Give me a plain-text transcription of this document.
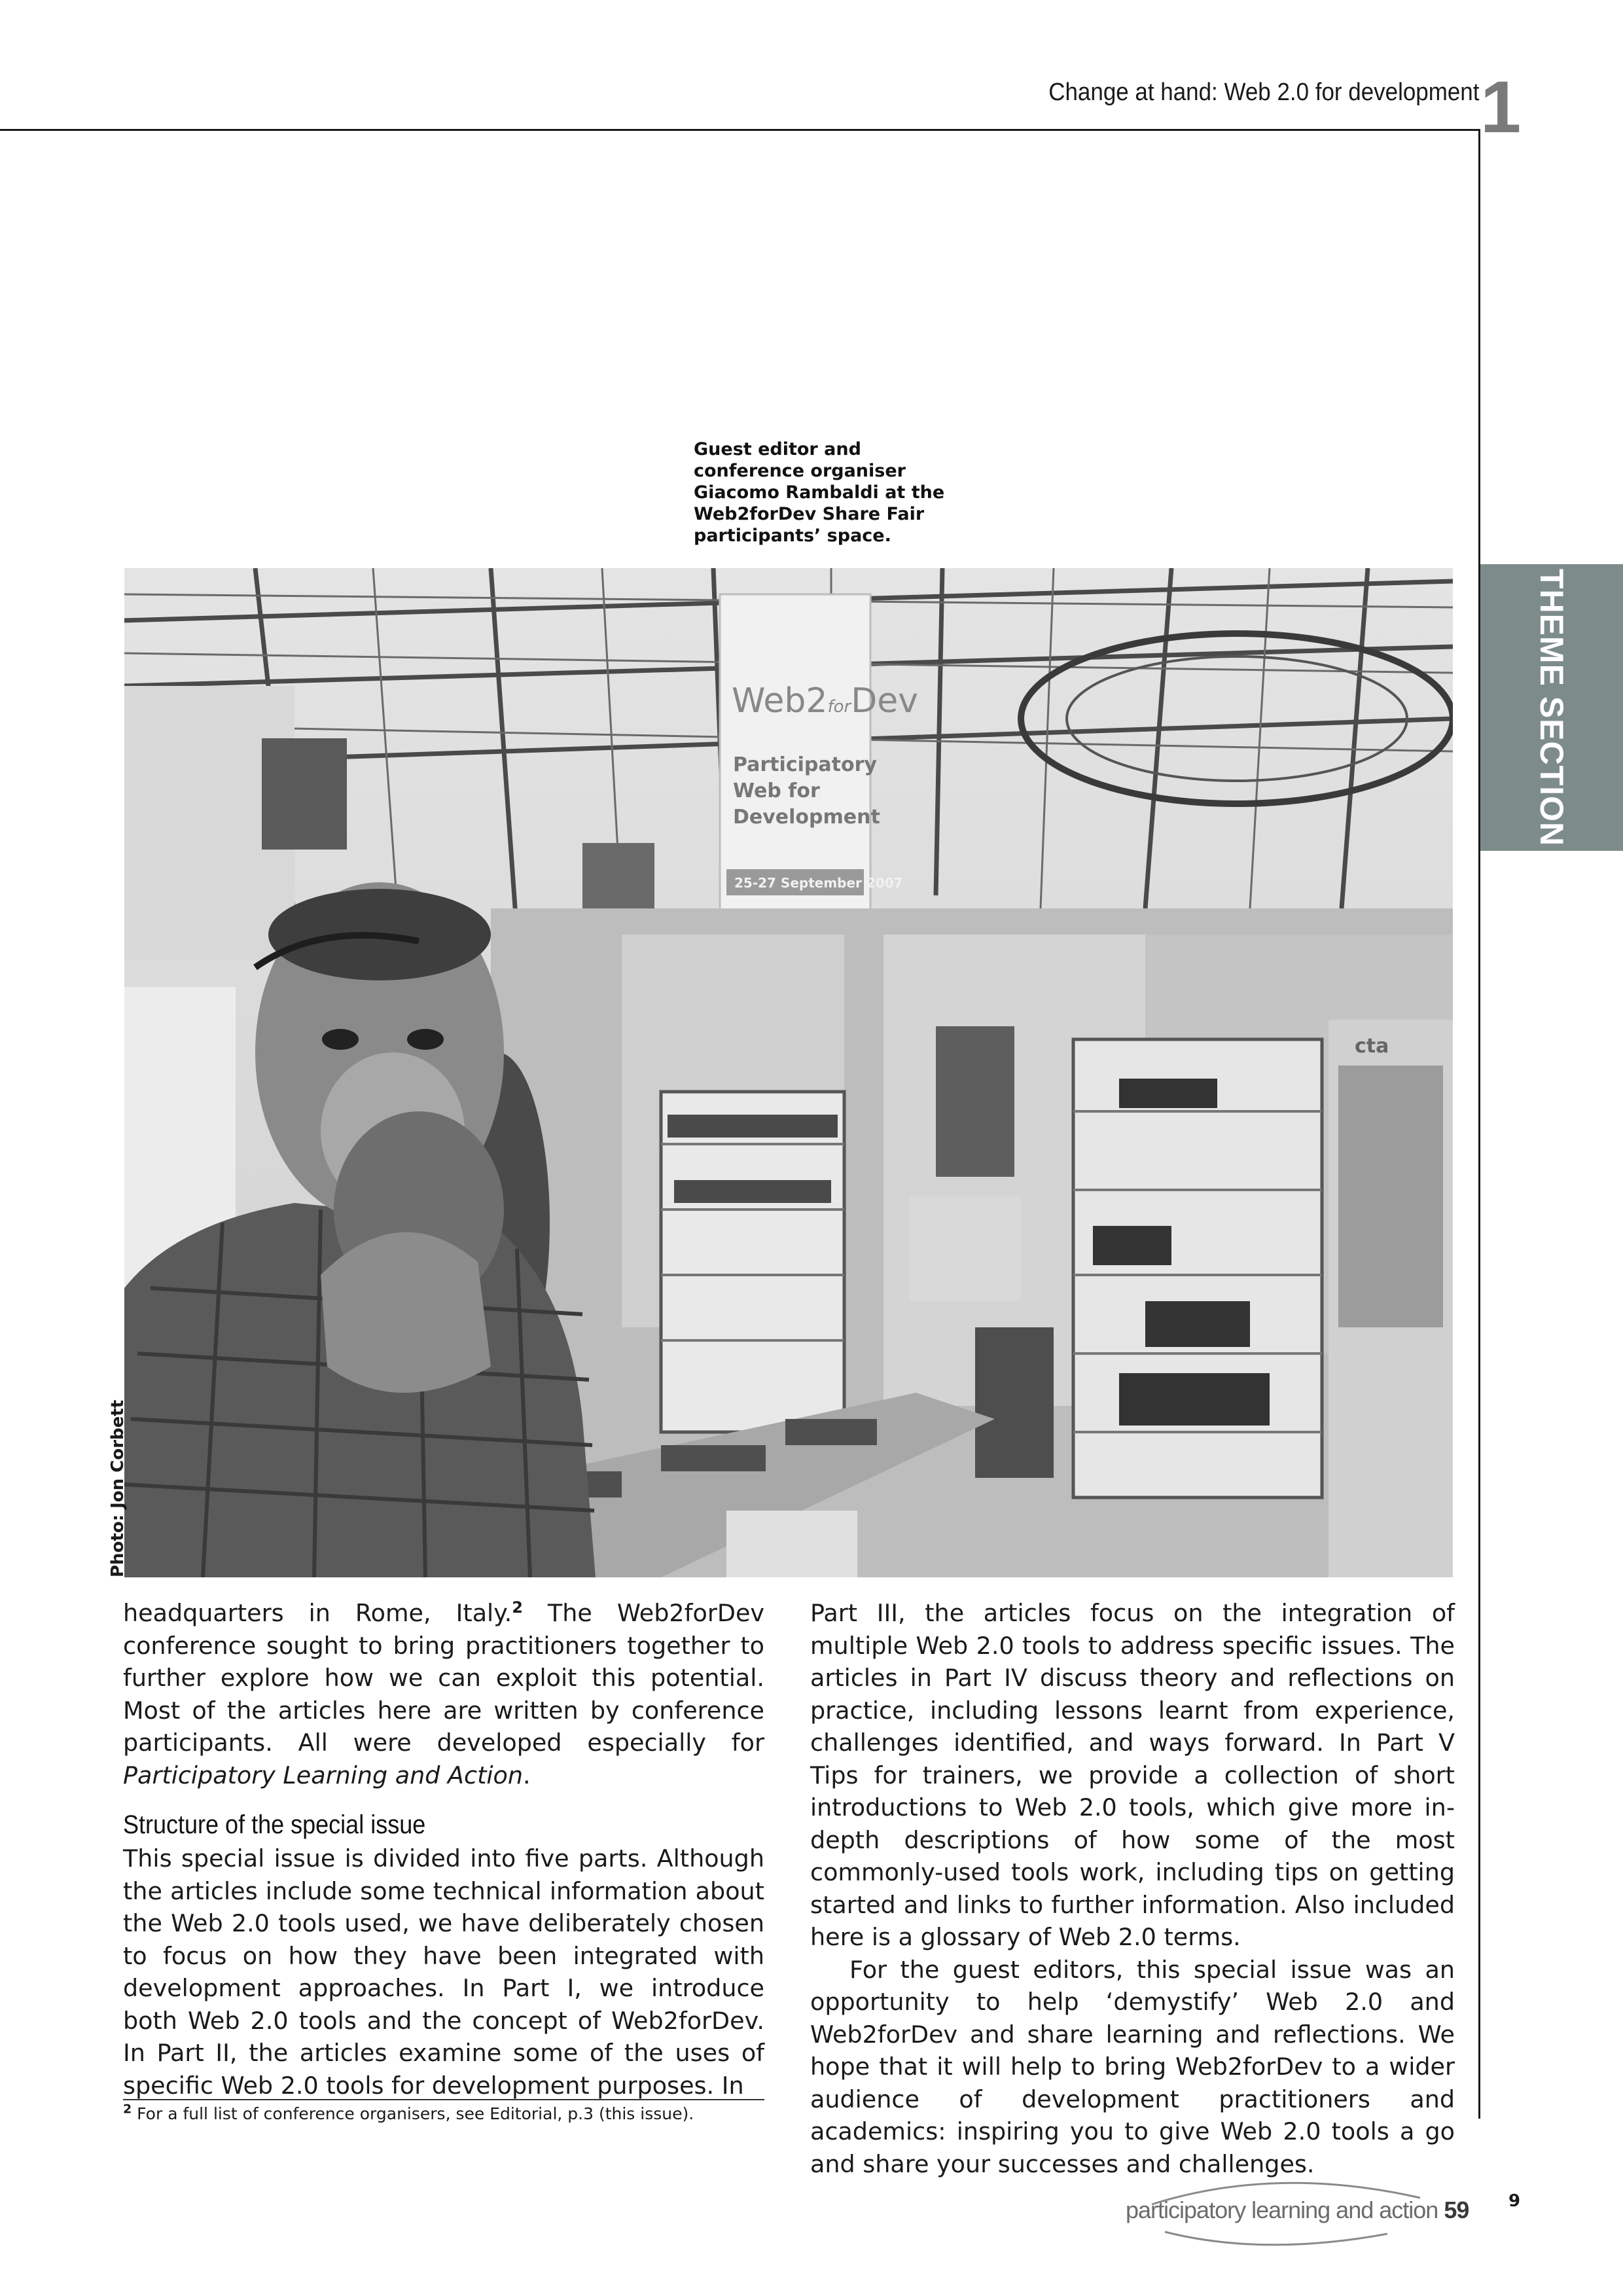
Change at hand: Web 2.0 for development 1
THEME SECTION
Guest editor and conference organiser Giacomo Rambaldi at the Web2forDev Share Fair participants’ space.
Web2forDev
Participatory
Web for
Development
25-27 September 2007
cta
Photo: Jon Corbett

headquarters in Rome, Italy.$^2$ The Web2forDev conference sought to bring practitioners together to further explore how we can exploit this potential. Most of the articles here are written by conference participants. All were developed especially for Participatory Learning and Action.

Structure of the special issue

This special issue is divided into five parts. Although the articles include some technical information about the Web 2.0 tools used, we have deliberately chosen to focus on how they have been integrated with development approaches. In Part I, we introduce both Web 2.0 tools and the concept of Web2forDev. In Part II, the articles examine some of the uses of specific Web 2.0 tools for development purposes. In

Part III, the articles focus on the integration of multiple Web 2.0 tools to address specific issues. The articles in Part IV discuss theory and reflections on practice, including lessons learnt from experience, challenges identified, and ways forward. In Part V Tips for trainers, we provide a collection of short introductions to Web 2.0 tools, which give more in-depth descriptions of how some of the most commonly-used tools work, including tips on getting started and links to further information. Also included here is a glossary of Web 2.0 terms.

For the guest editors, this special issue was an opportunity to help ‘demystify’ Web 2.0 and Web2forDev and share learning and reflections. We hope that it will help to bring Web2forDev to a wider audience of development practitioners and academics: inspiring you to give Web 2.0 tools a go and share your successes and challenges.

$^2$ For a full list of conference organisers, see Editorial, p.3 (this issue).
participatory learning and action 59 9
